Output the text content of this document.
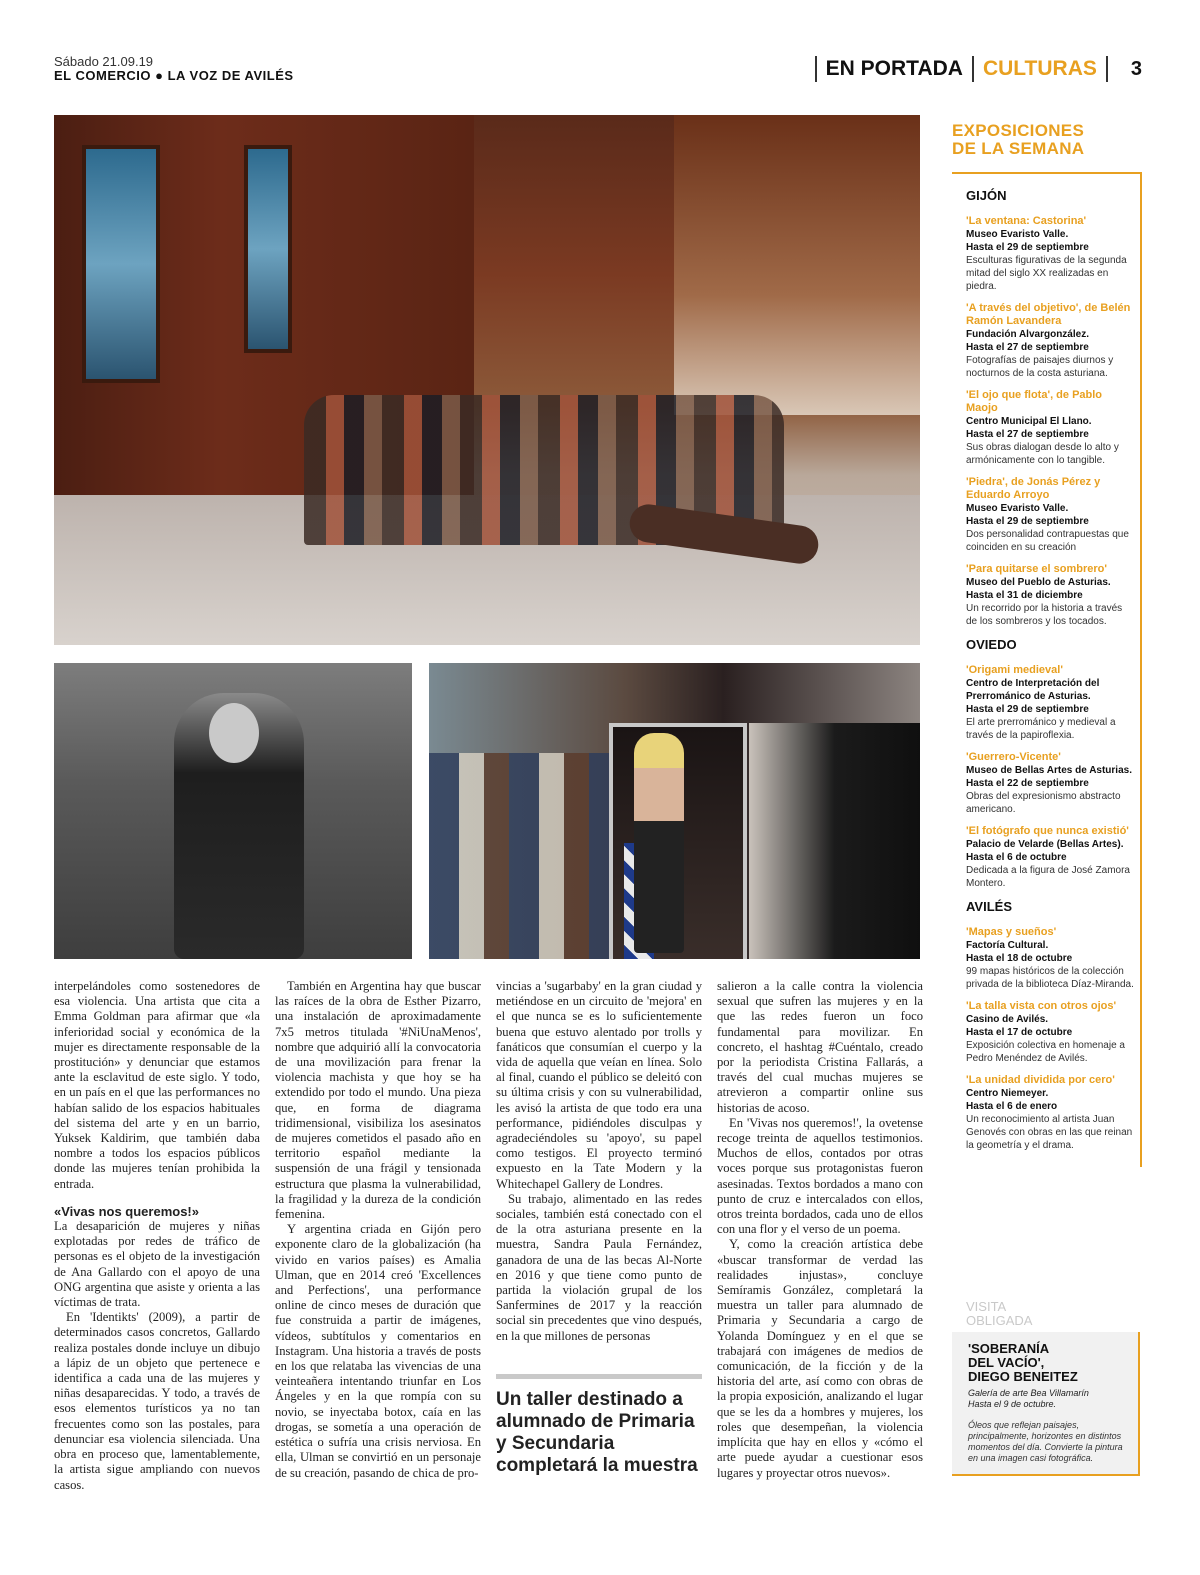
Sábado 21.09.19
EL COMERCIO ● LA VOZ DE AVILÉS	EN PORTADA CULTURAS 3

interpelándoles como sostenedores de esa violencia. Una artista que cita a Emma Goldman para afirmar que «la inferioridad social y económica de la mujer es directamente responsable de la prostitución» y denunciar que estamos ante la esclavitud de este siglo. Y todo, en un país en el que las performances no habían salido de los espacios habituales del sistema del arte y en un barrio, Yuksek Kaldirim, que también daba nombre a todos los espacios públicos donde las mujeres tenían prohibida la entrada.

«Vivas nos queremos!»

La desaparición de mujeres y niñas explotadas por redes de tráfico de personas es el objeto de la investigación de Ana Gallardo con el apoyo de una ONG argentina que asiste y orienta a las víctimas de trata.

En 'Identikts' (2009), a partir de determinados casos concretos, Gallardo realiza postales donde incluye un dibujo a lápiz de un objeto que pertenece e identifica a cada una de las mujeres y niñas desaparecidas. Y todo, a través de esos elementos turísticos ya no tan frecuentes como son las postales, para denunciar esa violencia silenciada. Una obra en proceso que, lamentablemente, la artista sigue ampliando con nuevos casos.

También en Argentina hay que buscar las raíces de la obra de Esther Pizarro, una instalación de aproximadamente 7x5 metros titulada '#NiUnaMenos', nombre que adquirió allí la convocatoria de una movilización para frenar la violencia machista y que hoy se ha extendido por todo el mundo. Una pieza que, en forma de diagrama tridimensional, visibiliza los asesinatos de mujeres cometidos el pasado año en territorio español mediante la suspensión de una frágil y tensionada estructura que plasma la vulnerabilidad, la fragilidad y la dureza de la condición femenina.

Y argentina criada en Gijón pero exponente claro de la globalización (ha vivido en varios países) es Amalia Ulman, que en 2014 creó 'Excellences and Perfections', una performance online de cinco meses de duración que fue construida a partir de imágenes, vídeos, subtítulos y comentarios en Instagram. Una historia a través de posts en los que relataba las vivencias de una veinteañera intentando triunfar en Los Ángeles y en la que rompía con su novio, se inyectaba botox, caía en las drogas, se sometía a una operación de estética o sufría una crisis nerviosa. En ella, Ulman se convirtió en un personaje de su creación, pasando de chica de pro-

vincias a 'sugarbaby' en la gran ciudad y metiéndose en un circuito de 'mejora' en el que nunca se es lo suficientemente buena que estuvo alentado por trolls y fanáticos que consumían el cuerpo y la vida de aquella que veían en línea. Solo al final, cuando el público se deleitó con su última crisis y con su vulnerabilidad, les avisó la artista de que todo era una performance, pidiéndoles disculpas y agradeciéndoles su 'apoyo', su papel como testigos. El proyecto terminó expuesto en la Tate Modern y la Whitechapel Gallery de Londres.

Su trabajo, alimentado en las redes sociales, también está conectado con el de la otra asturiana presente en la muestra, Sandra Paula Fernández, ganadora de una de las becas Al-Norte en 2016 y que tiene como punto de partida la violación grupal de los Sanfermines de 2017 y la reacción social sin precedentes que vino después, en la que millones de personas

Un taller destinado a alumnado de Primaria y Secundaria completará la muestra

salieron a la calle contra la violencia sexual que sufren las mujeres y en la que las redes fueron un foco fundamental para movilizar. En concreto, el hashtag #Cuéntalo, creado por la periodista Cristina Fallarás, a través del cual muchas mujeres se atrevieron a compartir online sus historias de acoso.

En 'Vivas nos queremos!', la ovetense recoge treinta de aquellos testimonios. Muchos de ellos, contados por otras voces porque sus protagonistas fueron asesinadas. Textos bordados a mano con punto de cruz e intercalados con ellos, otros treinta bordados, cada uno de ellos con una flor y el verso de un poema.

Y, como la creación artística debe «buscar transformar de verdad las realidades injustas», concluye Semíramis González, completará la muestra un taller para alumnado de Primaria y Secundaria a cargo de Yolanda Domínguez y en el que se trabajará con imágenes de medios de comunicación, de la ficción y de la historia del arte, así como con obras de la propia exposición, analizando el lugar que se les da a hombres y mujeres, los roles que desempeñan, la violencia implícita que hay en ellos y «cómo el arte puede ayudar a cuestionar esos lugares y proyectar otros nuevos».

EXPOSICIONES
DE LA SEMANA
GIJÓN
'La ventana: Castorina'
Museo Evaristo Valle.
Hasta el 29 de septiembre
Esculturas figurativas de la segunda mitad del siglo XX realizadas en piedra.
'A través del objetivo', de Belén Ramón Lavandera
Fundación Alvargonzález.
Hasta el 27 de septiembre
Fotografías de paisajes diurnos y nocturnos de la costa asturiana.
'El ojo que flota', de Pablo Maojo
Centro Municipal El Llano.
Hasta el 27 de septiembre
Sus obras dialogan desde lo alto y armónicamente con lo tangible.
'Piedra', de Jonás Pérez y Eduardo Arroyo
Museo Evaristo Valle.
Hasta el 29 de septiembre
Dos personalidad contrapuestas que coinciden en su creación
'Para quitarse el sombrero'
Museo del Pueblo de Asturias.
Hasta el 31 de diciembre
Un recorrido por la historia a través de los sombreros y los tocados.
OVIEDO
'Origami medieval'
Centro de Interpretación del Prerrománico de Asturias.
Hasta el 29 de septiembre
El arte prerrománico y medieval a través de la papiroflexia.
'Guerrero-Vicente'
Museo de Bellas Artes de Asturias.
Hasta el 22 de septiembre
Obras del expresionismo abstracto americano.
'El fotógrafo que nunca existió'
Palacio de Velarde (Bellas Artes). Hasta el 6 de octubre
Dedicada a la figura de José Zamora Montero.
AVILÉS
'Mapas y sueños'
Factoría Cultural.
Hasta el 18 de octubre
99 mapas históricos de la colección privada de la biblioteca Díaz-Miranda.
'La talla vista con otros ojos'
Casino de Avilés.
Hasta el 17 de octubre
Exposición colectiva en homenaje a Pedro Menéndez de Avilés.
'La unidad dividida por cero'
Centro Niemeyer.
Hasta el 6 de enero
Un reconocimiento al artista Juan Genovés con obras en las que reinan la geometría y el drama.
VISITA
OBLIGADA
'SOBERANÍA
DEL VACÍO',
DIEGO BENEITEZ
Galería de arte Bea Villamarín
Hasta el 9 de octubre.
Óleos que reflejan paisajes, principalmente, horizontes en distintos momentos del día. Convierte la pintura en una imagen casi fotográfica.
